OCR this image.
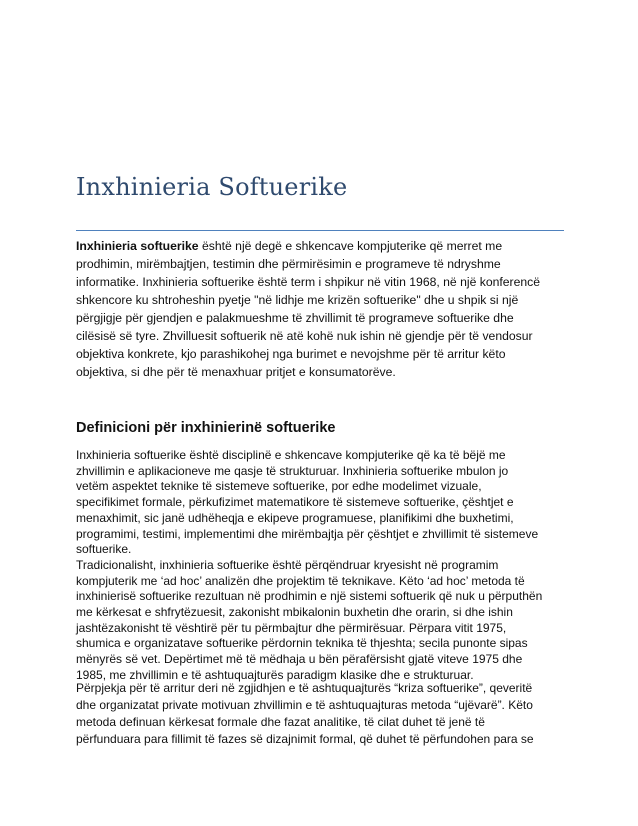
Inxhinieria Softuerike
Inxhinieria softuerike është një degë e shkencave kompjuterike që merret me
prodhimin, mirëmbajtjen, testimin dhe përmirësimin e programeve të ndryshme
informatike. Inxhinieria softuerike është term i shpikur në vitin 1968, në një konferencë
shkencore ku shtroheshin pyetje "në lidhje me krizën softuerike" dhe u shpik si një
përgjigje për gjendjen e palakmueshme të zhvillimit të programeve softuerike dhe
cilësisë së tyre. Zhvilluesit softuerik në atë kohë nuk ishin në gjendje për të vendosur
objektiva konkrete, kjo parashikohej nga burimet e nevojshme për të arritur këto
objektiva, si dhe për të menaxhuar pritjet e konsumatorëve.
Definicioni për inxhinierinë softuerike
Inxhinieria softuerike është disciplinë e shkencave kompjuterike që ka të bëjë me
zhvillimin e aplikacioneve me qasje të strukturuar. Inxhinieria softuerike mbulon jo
vetëm aspektet teknike të sistemeve softuerike, por edhe modelimet vizuale,
specifikimet formale, përkufizimet matematikore të sistemeve softuerike, çështjet e
menaxhimit, sic janë udhëheqja e ekipeve programuese, planifikimi dhe buxhetimi,
programimi, testimi, implementimi dhe mirëmbajtja për çështjet e zhvillimit të sistemeve
softuerike.
Tradicionalisht, inxhinieria softuerike është përqëndruar kryesisht në programim
kompjuterik me ‘ad hoc’ analizën dhe projektim të teknikave. Këto ‘ad hoc’ metoda të
inxhinierisë softuerike rezultuan në prodhimin e një sistemi softuerik që nuk u përputhën
me kërkesat e shfrytëzuesit, zakonisht mbikalonin buxhetin dhe orarin, si dhe ishin
jashtëzakonisht të vështirë për tu përmbajtur dhe përmirësuar. Përpara vitit 1975,
shumica e organizatave softuerike përdornin teknika të thjeshta; secila punonte sipas
mënyrës së vet. Depërtimet më të mëdhaja u bën përafërsisht gjatë viteve 1975 dhe
1985, me zhvillimin e të ashtuquajturës paradigm klasike dhe e strukturuar.
Përpjekja për të arritur deri në zgjidhjen e të ashtuquajturës “kriza softuerike”, qeveritë
dhe organizatat private motivuan zhvillimin e të ashtuquajturas metoda “ujëvarë”. Këto
metoda definuan kërkesat formale dhe fazat analitike, të cilat duhet të jenë të
përfunduara para fillimit të fazes së dizajnimit formal, që duhet të përfundohen para se
